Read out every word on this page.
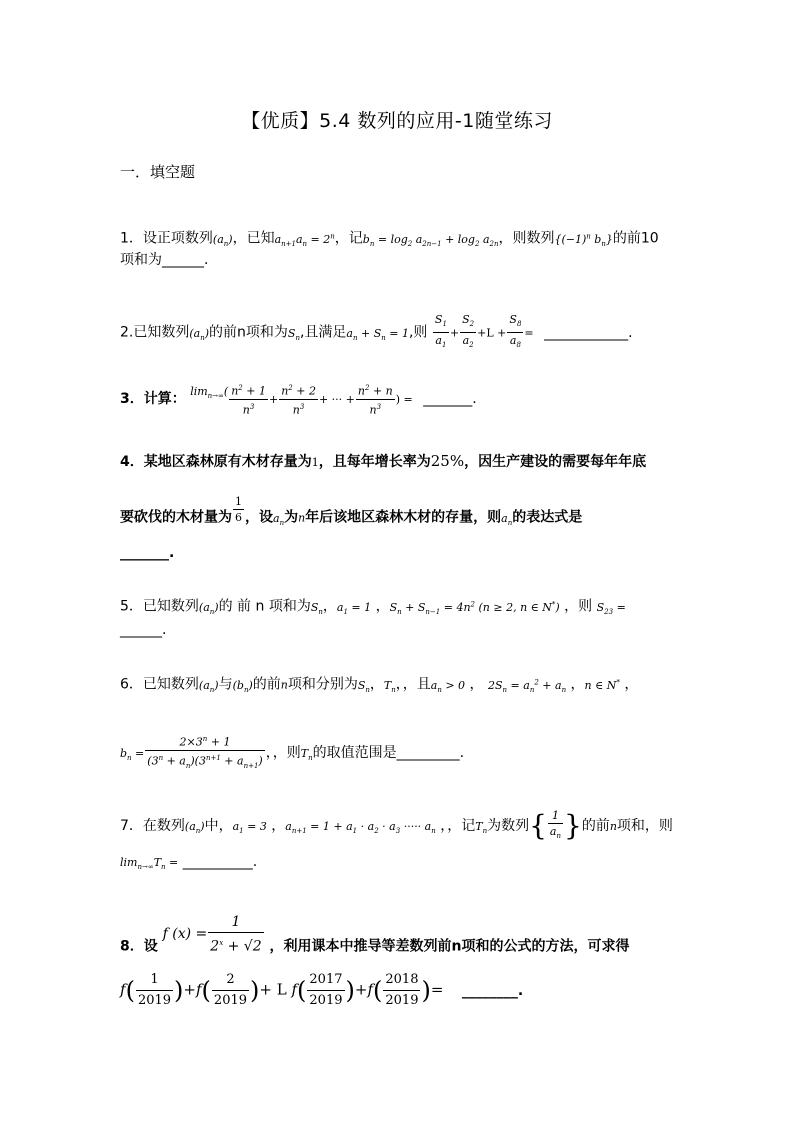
【优质】5.4 数列的应用-1随堂练习
一．填空题
1．设正项数列$(a_n)$，已知$a_{n+1}a_n = 2^n$，记$b_n = \log_2 a_{2n-1} + \log_2 a_{2n}$，则数列{$(-1)^n$ $b_n$}的前10
项和为______.
2.已知数列$(a_n)$的前n项和为$S_n$,且满足$a_n + S_n = 1$,则 $\frac{S_1}{a_1} + \frac{S_2}{a_2} +L + \frac{S_8}{a_8}$ = ____________.
3．计算： $^{lim_{n\to\infty}(} \frac{n^2 + 1}{n^3} + \frac{n^2 + 2}{n^3}$ + ··· + $\frac{n^2 + n}{n^3}$ ) = _______.
4．某地区森林原有木材存量为1，且每年增长率为25%，因生产建设的需要每年年底
要砍伐的木材量为 $\frac{1}{6}$ ，设$a_n$为n年后该地区森林木材的存量，则$a_n$的表达式是
_______.
5．已知数列$(a_n)$的 前 n 项和为$S_n$，$a_1 = 1$ ，$S_n + S_{n-1} = 4n^2$ (n ≥ 2, n ∈ N*) ，则 $S_{23}$ =
______.
6．已知数列$(a_n)$与$(b_n)$的前n项和分别为$S_n$，$T_n$，，且$a_n > 0$ ， $2S_n = a_n^2 + a_n$ ，n ∈ N* ，
$b_n = \frac{2\times 3^n + 1}{(3^n + a_n)(3^{n+1} + a_{n+1})}$ ，，则$T_n$的取值范围是_________.
7．在数列$(a_n)$中，$a_1 = 3$ ，$a_{n+1} = 1 + a_1 \cdot a_2 \cdot a_3$ ····· $a_n$ ，，记$T_n$为数列{ $\frac{1}{a_n}$ }的前n项和，则
$\lim_{n\to\infty}T_n$ = __________.
8．设 f $(x) = \frac{1}{2^x + √2}$ ，利用课本中推导等差数列前n项和的公式的方法，可求得
$f( \frac{1}{2019} )+f( \frac{2}{2019}$ )+ L $f( \frac{2017}{2019} )+f( \frac{2018}{2019}$ )= ________.
